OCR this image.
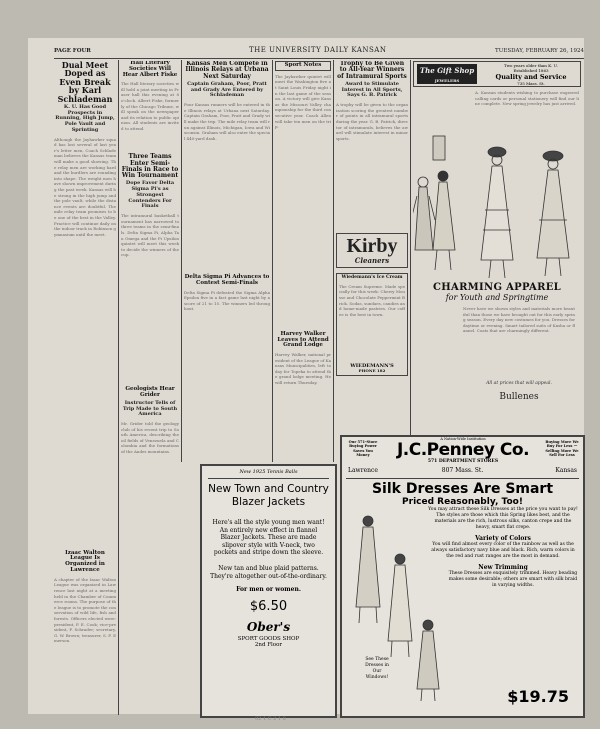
PAGE FOUR	THE UNIVERSITY DAILY KANSAN	TUESDAY, FEBRUARY 26, 1924
Dual Meet Doped as Even Break by Karl Schlademan
K. U. Has Good Prospects in Running, High Jump, Pole Vault and Sprinting
Although the Jayhawker squad has lost several of last year's letter men, Coach Schlademan believes the Kansas team will make a good showing. The relay men are working hard and the hurdlers are rounding into shape. The weight men have shown improvement during the past week. Kansas will be strong in the high jump and the pole vault, while the distance events are doubtful. The mile relay team promises to be one of the best in the Valley. Practice will continue daily on the indoor track in Robinson gymnasium until the meet.
Izaac Walton League Is Organized in Lawrence
A chapter of the Izaac Walton League was organized in Lawrence last night at a meeting held in the Chamber of Commerce rooms. The purpose of the league is to promote the conservation of wild life, fish and forests. Officers elected were: president, F. E. Cook; vice-president, F. Schrader; secretary, G. W. Brown; treasurer, S. F. Emerson.
Hall Literary Societies Will Hear Albert Fiske
The Hall literary societies will hold a joint meeting in Fraser hall this evening at 8 o'clock. Albert Fiske, formerly of the Chicago Tribune, will speak on the newspaper and its relation to public opinion. All students are invited to attend.
Three Teams Enter Semi-Finals in Race to Win Tournament
Dope Favor Delta Sigma Pi's as Strongest Contenders For Finals
The intramural basketball tournament has narrowed to three teams in the semi-finals. Delta Sigma Pi, Alpha Tau Omega and the Pi Upsilon quintet will meet this week to decide the winners of the cup.
Geologists Hear Grider
Instructor Tells of Trip Made to South America
Mr. Grider told the geology club of his recent trip to South America, describing the oil fields of Venezuela and Colombia and the formations of the Andes mountains.
Kansas Men Compete in Illinois Relays at Urbana Next Saturday
Captain Graham, Poor, Pratt and Grady Are Entered by Schlademan
Four Kansas runners will be entered in the Illinois relays at Urbana next Saturday. Captain Graham, Poor, Pratt and Grady will make the trip. The mile relay team will run against Illinois, Michigan, Iowa and Wisconsin. Graham will also enter the special 440-yard dash.
Delta Sigma Pi Advances to Contest Semi-Finals
Delta Sigma Pi defeated the Sigma Alpha Epsilon five in a fast game last night by a score of 21 to 15. The winners led throughout.
Sport Notes
The Jayhawker quintet will meet the Washington five at Saint Louis Friday night in the last game of the season. A victory will give Kansas the Missouri Valley championship for the third consecutive year. Coach Allen will take ten men on the trip.
Harvey Walker Leaves to Attend Grand Lodge
Harvey Walker, national president of the League of Kansas Municipalities, left today for Topeka to attend the grand lodge meeting. He will return Thursday.
Trophy to Be Given to All-Year Winners of Intramural Sports
Award to Stimulate Interest in All Sports, Says G. B. Patrick
A trophy will be given to the organization scoring the greatest number of points in all intramural sports during the year. G. B. Patrick, director of intramurals, believes the award will stimulate interest in minor sports.
Kirby
Cleaners
Wiedemann's Ice Cream
The Cream Supreme. Made specially for this week: Cherry Mousse and Chocolate Peppermint Brick. Sodas, sundaes, candies and home-made pastries. Our coffee is the best in town.
WIEDEMANN'S
PHONE 182
The Gift Shop
JEWELERS
Two years older than K. U.
Established 1863
Quality and Service
735 Mass. St.
A. Kansan students wishing to purchase engraved calling cards or personal stationery will find our line complete. New spring jewelry has just arrived.
CHARMING APPAREL
for Youth and Springtime
Never have we shown styles and materials more beautiful than those we have brought out for this early spring season. Every day new costumes for you. Dresses for daytime or evening. Smart tailored suits of Kasha or flannel. Coats that are charmingly different.
All at prices that will appeal.
Bullenes
New 1925 Tennis Balls
New Town and Country Blazer Jackets
Here's all the style young men want! An entirely new effect in flannel Blazer Jackets. These are made slipover style with V-neck, two pockets and stripe down the sleeve.
New tan and blue plaid patterns. They're altogether out-of-the-ordinary.
For men or women.
$6.50
Ober's
SPORT GOODS SHOP
2nd Floor
Our 571-Store Buying Power Saves You Money
A Nation-Wide Institution
J.C.Penney Co.
571 DEPARTMENT STORES
Buying More We Buy For Less — Selling More We Sell For Less
Lawrence	807 Mass. St.	Kansas
Silk Dresses Are Smart
Priced Reasonably, Too!
See These Dresses in Our Windows!
You may attract these Silk Dresses at the price you want to pay! The styles are those which this Spring likes best, and the materials are the rich, lustrous silks, canton crepe and the heavy, smart flat crepe.
Variety of Colors
You will find almost every color of the rainbow as well as the always satisfactory navy blue and black. Rich, warm colors in the red and rust ranges are the most in demand.
New Trimming
These Dresses are exquisitely trimmed. Heavy beading makes some desirable; others are smart with silk braid in varying widths.
$19.75
02 1 C 2 1 0
